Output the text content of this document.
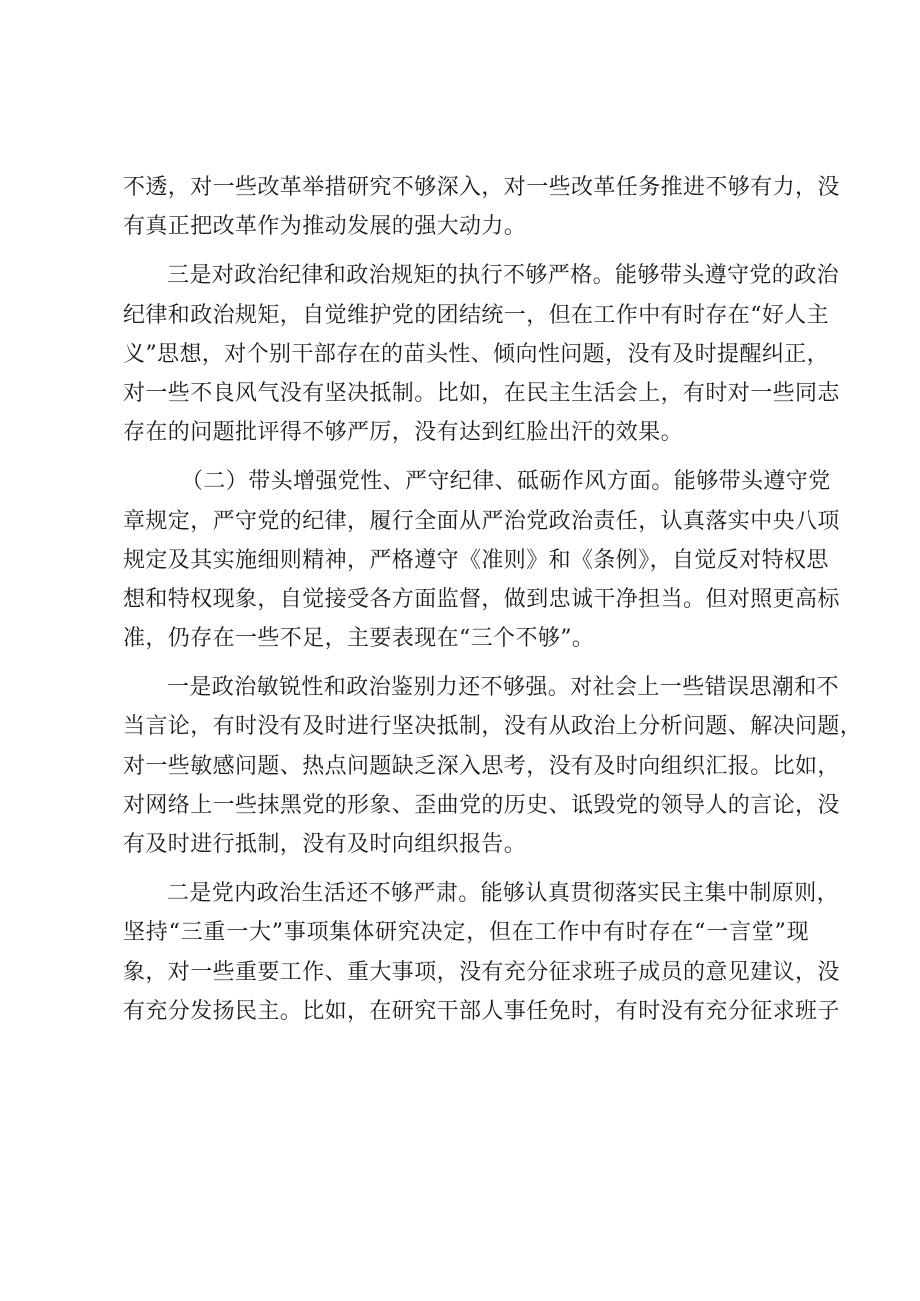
不透，对一些改革举措研究不够深入，对一些改革任务推进不够有力，没
有真正把改革作为推动发展的强大动力。
三是对政治纪律和政治规矩的执行不够严格。能够带头遵守党的政治
纪律和政治规矩，自觉维护党的团结统一，但在工作中有时存在“好人主
义”思想，对个别干部存在的苗头性、倾向性问题，没有及时提醒纠正，
对一些不良风气没有坚决抵制。比如，在民主生活会上，有时对一些同志
存在的问题批评得不够严厉，没有达到红脸出汗的效果。
（二）带头增强党性、严守纪律、砥砺作风方面。能够带头遵守党
章规定，严守党的纪律，履行全面从严治党政治责任，认真落实中央八项
规定及其实施细则精神，严格遵守《准则》和《条例》，自觉反对特权思
想和特权现象，自觉接受各方面监督，做到忠诚干净担当。但对照更高标
准，仍存在一些不足，主要表现在“三个不够”。
一是政治敏锐性和政治鉴别力还不够强。对社会上一些错误思潮和不
当言论，有时没有及时进行坚决抵制，没有从政治上分析问题、解决问题，
对一些敏感问题、热点问题缺乏深入思考，没有及时向组织汇报。比如，
对网络上一些抹黑党的形象、歪曲党的历史、诋毁党的领导人的言论，没
有及时进行抵制，没有及时向组织报告。
二是党内政治生活还不够严肃。能够认真贯彻落实民主集中制原则，
坚持“三重一大”事项集体研究决定，但在工作中有时存在“一言堂”现
象，对一些重要工作、重大事项，没有充分征求班子成员的意见建议，没
有充分发扬民主。比如，在研究干部人事任免时，有时没有充分征求班子
